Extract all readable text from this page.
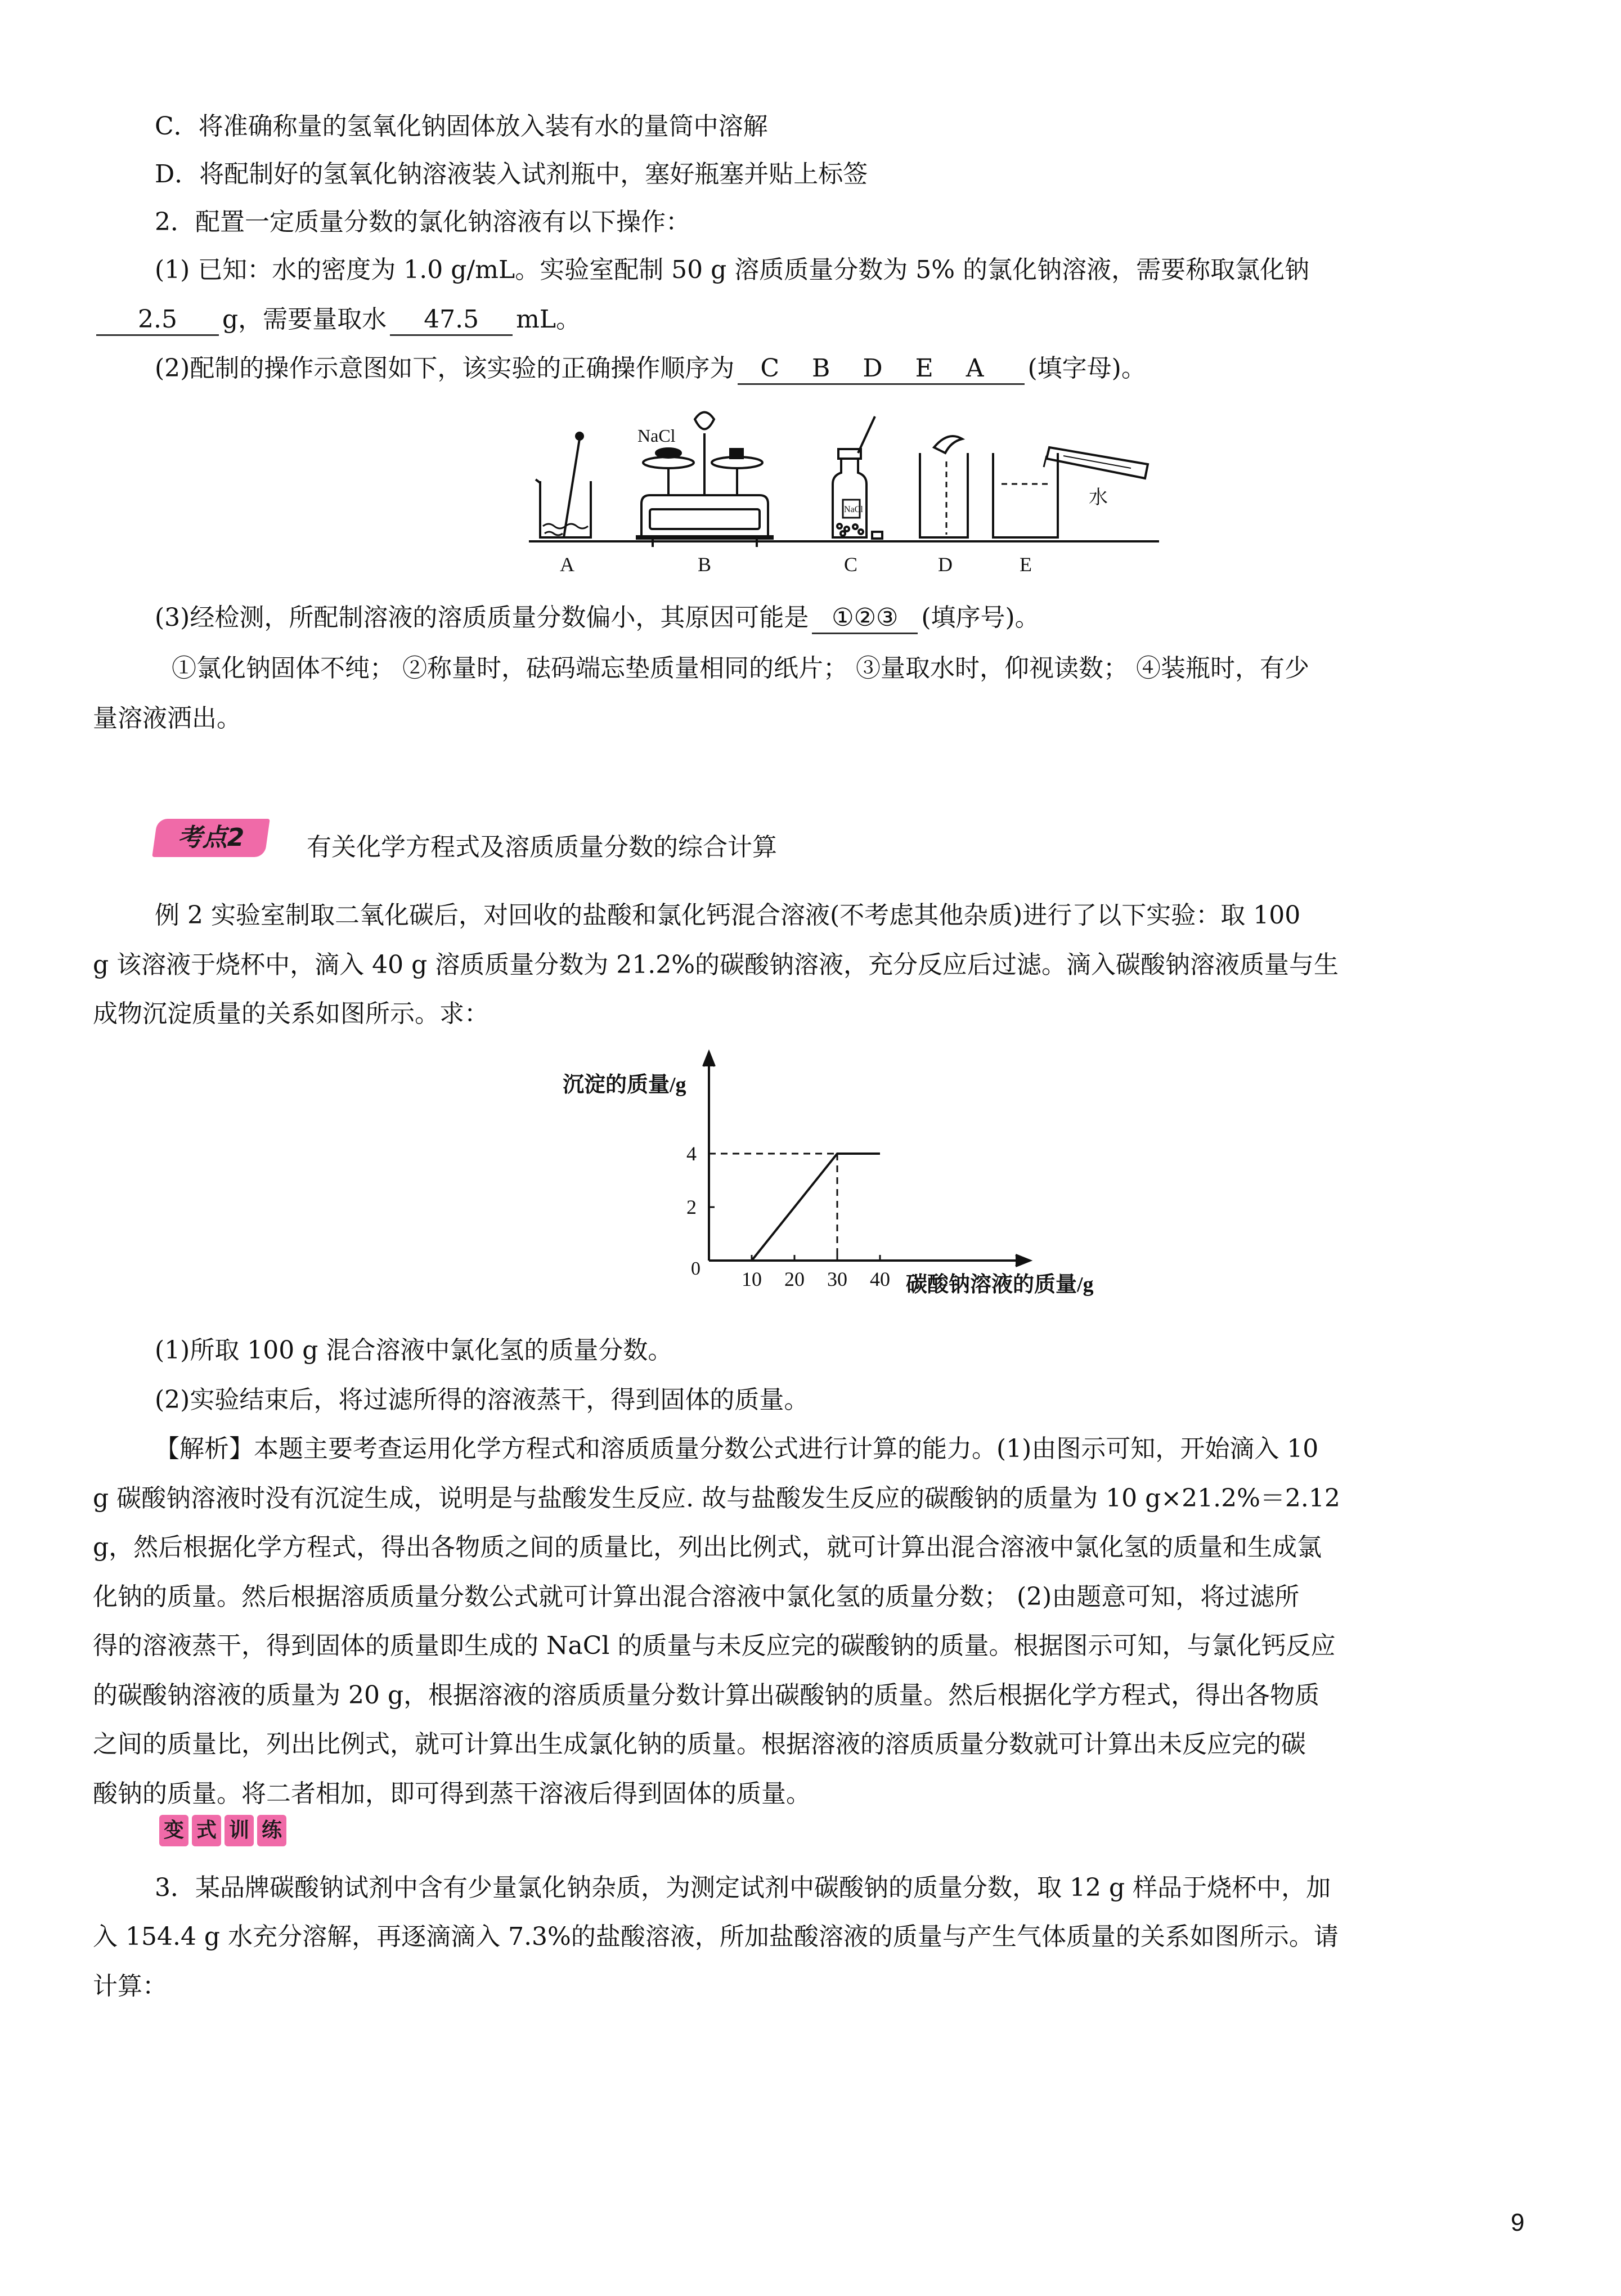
C．将准确称量的氢氧化钠固体放入装有水的量筒中溶解
D．将配制好的氢氧化钠溶液装入试剂瓶中，塞好瓶塞并贴上标签
2．配置一定质量分数的氯化钠溶液有以下操作：
(1) 已知：水的密度为 1.0 g/mL。实验室配制 50 g 溶质质量分数为 5% 的氯化钠溶液，需要称取氯化钠
2.5 g，需要量取水 47.5 mL。
(2)配制的操作示意图如下，该实验的正确操作顺序为 CBDEA (填字母)。
NaCl
NaCl
水
A	B	C	D	E
(3)经检测，所配制溶液的溶质质量分数偏小，其原因可能是 ①②③ (填序号)。
①氯化钠固体不纯； ②称量时，砝码端忘垫质量相同的纸片； ③量取水时，仰视读数； ④装瓶时，有少
量溶液洒出。
考点2	有关化学方程式及溶质质量分数的综合计算
例 2 实验室制取二氧化碳后，对回收的盐酸和氯化钙混合溶液(不考虑其他杂质)进行了以下实验：取 100
g 该溶液于烧杯中，滴入 40 g 溶质质量分数为 21.2%的碳酸钠溶液，充分反应后过滤。滴入碳酸钠溶液质量与生
成物沉淀质量的关系如图所示。求：
10 20 30 40
2
4
沉淀的质量/g
碳酸钠溶液的质量/g
0
(1)所取 100 g 混合溶液中氯化氢的质量分数。
(2)实验结束后，将过滤所得的溶液蒸干，得到固体的质量。
【解析】本题主要考查运用化学方程式和溶质质量分数公式进行计算的能力。(1)由图示可知，开始滴入 10
g 碳酸钠溶液时没有沉淀生成，说明是与盐酸发生反应. 故与盐酸发生反应的碳酸钠的质量为 10 g×21.2%＝2.12
g，然后根据化学方程式，得出各物质之间的质量比，列出比例式，就可计算出混合溶液中氯化氢的质量和生成氯
化钠的质量。然后根据溶质质量分数公式就可计算出混合溶液中氯化氢的质量分数； (2)由题意可知，将过滤所
得的溶液蒸干，得到固体的质量即生成的 NaCl 的质量与未反应完的碳酸钠的质量。根据图示可知，与氯化钙反应
的碳酸钠溶液的质量为 20 g，根据溶液的溶质质量分数计算出碳酸钠的质量。然后根据化学方程式，得出各物质
之间的质量比，列出比例式，就可计算出生成氯化钠的质量。根据溶液的溶质质量分数就可计算出未反应完的碳
酸钠的质量。将二者相加，即可得到蒸干溶液后得到固体的质量。
变 式 训 练
3．某品牌碳酸钠试剂中含有少量氯化钠杂质，为测定试剂中碳酸钠的质量分数，取 12 g 样品于烧杯中，加
入 154.4 g 水充分溶解，再逐滴滴入 7.3%的盐酸溶液，所加盐酸溶液的质量与产生气体质量的关系如图所示。请
计算：
9
